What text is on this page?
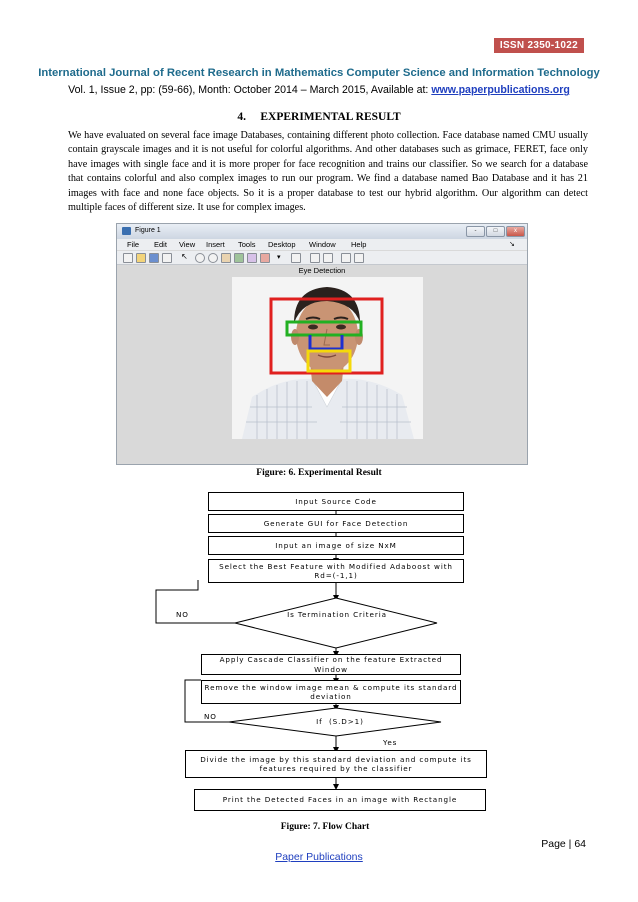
ISSN 2350-1022
International Journal of Recent Research in Mathematics Computer Science and Information Technology
Vol. 1, Issue 2, pp: (59-66), Month: October 2014 – March 2015, Available at: www.paperpublications.org
4.     EXPERIMENTAL RESULT
We have evaluated on several face image Databases, containing different photo collection. Face database named CMU usually contain grayscale images and it is not useful for colorful algorithms. And other databases such as grimace, FERET, face only have images with single face and it is more proper for face recognition and trains our classifier. So we search for a database that contains colorful and also complex images to run our program. We find a database named Bao Database and it has 21 images with face and none face objects. So it is a proper database to test our hybrid algorithm. Our algorithm can detect multiple faces of different size. It use for complex images.
Figure 1	-	□	x
File Edit View Insert Tools Desktop Window Help	↘
↖	▾
Eye Detection
Figure: 6. Experimental Result
Input Source Code
Generate GUI for Face Detection
Input an image of size NxM
Select the Best Feature with Modified Adaboost with Rd=(-1,1)
Is Termination Criteria
Apply Cascade Classifier on the feature Extracted Window
Remove the window image mean & compute its standard deviation
If  (S.D>1)
Divide the image by this standard deviation and compute its features required by the classifier
Print the Detected Faces in an image with Rectangle
NO
NO
Yes
Figure: 7. Flow Chart
Page | 64
Paper Publications
